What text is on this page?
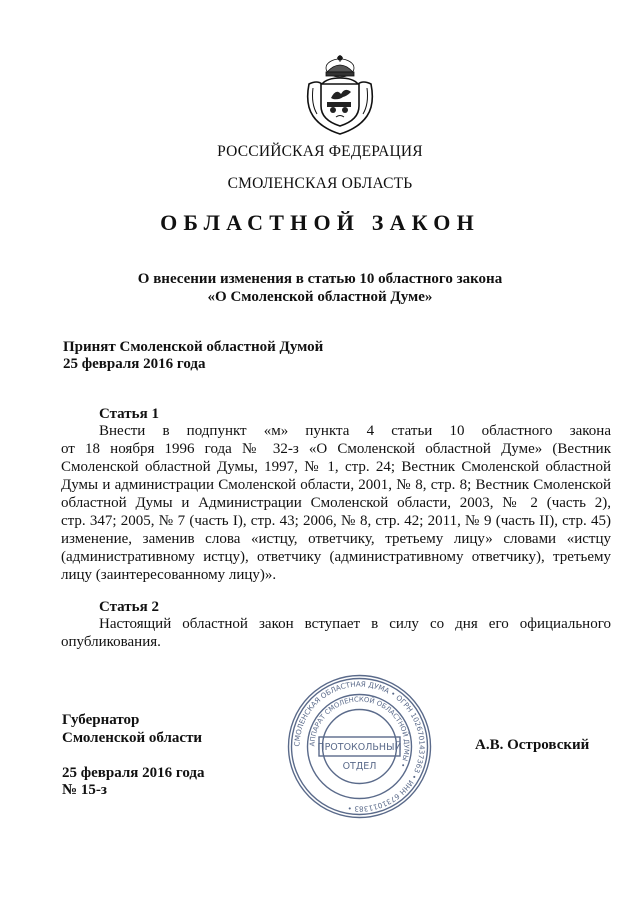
РОССИЙСКАЯ ФЕДЕРАЦИЯ
СМОЛЕНСКАЯ ОБЛАСТЬ
ОБЛАСТНОЙ ЗАКОН
О внесении изменения в статью 10 областного закона
«О Смоленской областной Думе»
Принят Смоленской областной Думой
25 февраля 2016 года
Статья 1
Внести в подпункт «м» пункта 4 статьи 10 областного закона
от 18 ноября 1996 года № 32-з «О Смоленской областной Думе» (Вестник
Смоленской областной Думы, 1997, № 1, стр. 24; Вестник Смоленской областной
Думы и администрации Смоленской области, 2001, № 8, стр. 8; Вестник Смоленской
областной Думы и Администрации Смоленской области, 2003, № 2 (часть 2),
стр. 347; 2005, № 7 (часть I), стр. 43; 2006, № 8, стр. 42; 2011, № 9 (часть II), стр. 45)
изменение, заменив слова «истцу, ответчику, третьему лицу» словами «истцу
(административному истцу), ответчику (административному ответчику), третьему
лицу (заинтересованному лицу)».
Статья 2
Настоящий областной закон вступает в силу со дня его официального
опубликования.
Губернатор
Смоленской области	А.В. Островский
25 февраля 2016 года
№ 15-з
СМОЛЕНСКАЯ ОБЛАСТНАЯ ДУМА • ОГРН 1026701437363 • ИНН 6731011383 •
АППАРАТ СМОЛЕНСКОЙ ОБЛАСТНОЙ ДУМЫ •
ПРОТОКОЛЬНЫЙ
ОТДЕЛ
